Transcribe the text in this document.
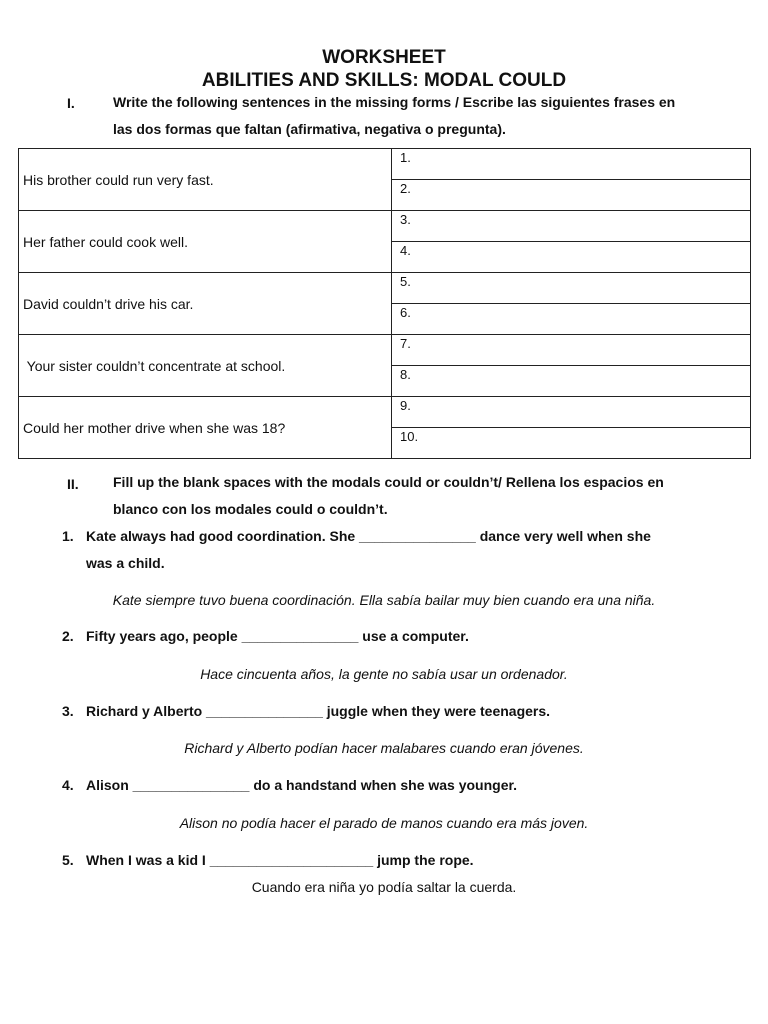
WORKSHEET
ABILITIES AND SKILLS: MODAL COULD
I.	Write the following sentences in the missing forms / Escribe las siguientes frases en
las dos formas que faltan (afirmativa, negativa o pregunta).
His brother could run very fast.	1.
	2.
Her father could cook well.	3.
	4.
David couldn’t drive his car.	5.
	6.
Your sister couldn’t concentrate at school.	7.
	8.
Could her mother drive when she was 18?	9.
	10.
II. Fill up the blank spaces with the modals could or couldn’t/ Rellena los espacios en
blanco con los modales could o couldn’t.
1. Kate always had good coordination. She _______________ dance very well when she
was a child.
Kate siempre tuvo buena coordinación. Ella sabía bailar muy bien cuando era una niña.
2. Fifty years ago, people _______________ use a computer.
Hace cincuenta años, la gente no sabía usar un ordenador.
3. Richard y Alberto _______________ juggle when they were teenagers.
Richard y Alberto podían hacer malabares cuando eran jóvenes.
4. Alison _______________ do a handstand when she was younger.
Alison no podía hacer el parado de manos cuando era más joven.
5. When I was a kid I _____________________ jump the rope.
Cuando era niña yo podía saltar la cuerda.
